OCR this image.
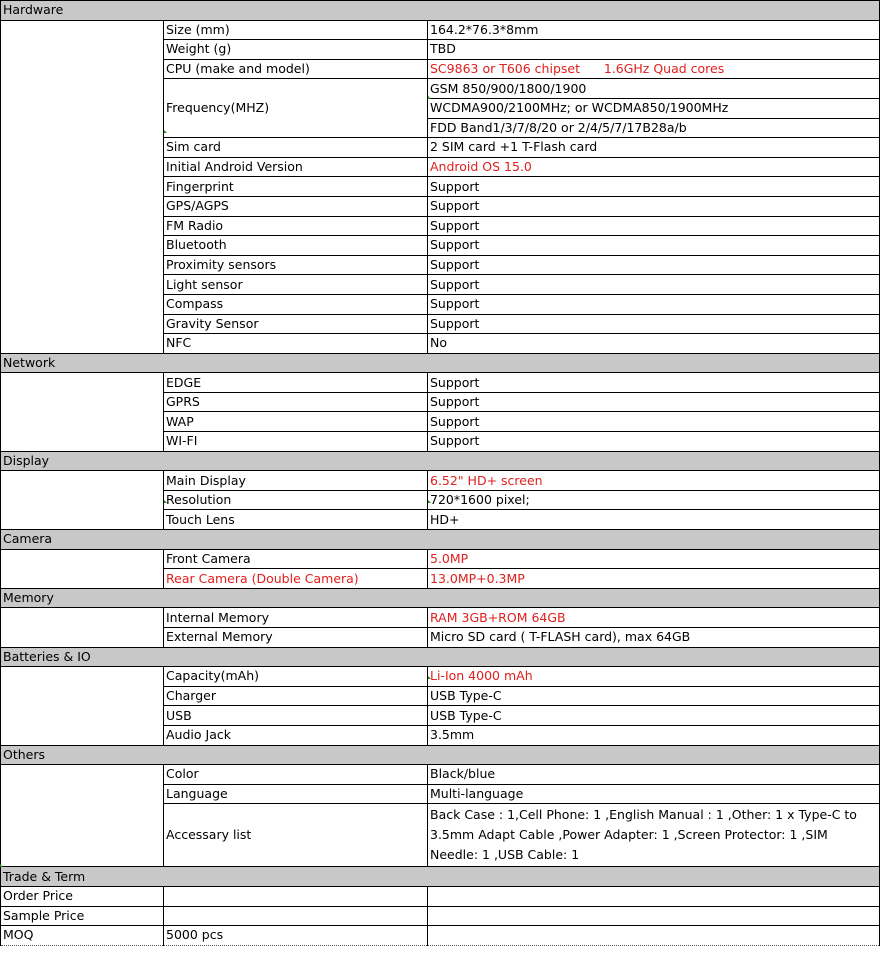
Hardware		
	Size (mm)	164.2*76.3*8mm
	Weight (g)	TBD
	CPU (make and model)	SC9863 or T606 chipset      1.6GHz Quad cores
	Frequency(MHZ)	GSM 850/900/1800/1900
		WCDMA900/2100MHz; or WCDMA850/1900MHz
		FDD Band1/3/7/8/20 or 2/4/5/7/17B28a/b
	Sim card	2 SIM card +1 T-Flash card
	Initial Android Version	Android OS 15.0
	Fingerprint	Support
	GPS/AGPS	Support
	FM Radio	Support
	Bluetooth	Support
	Proximity sensors	Support
	Light sensor	Support
	Compass	Support
	Gravity Sensor	Support
	NFC	No
Network		
	EDGE	Support
	GPRS	Support
	WAP	Support
	WI-FI	Support
Display		
	Main Display	6.52" HD+ screen
	Resolution	720*1600 pixel;
	Touch Lens	HD+
Camera		
	Front Camera	5.0MP
	Rear Camera (Double Camera)	13.0MP+0.3MP
Memory		
	Internal Memory	RAM 3GB+ROM 64GB
	External Memory	Micro SD card ( T-FLASH card), max 64GB
Batteries & IO		
	Capacity(mAh)	Li-Ion 4000 mAh
	Charger	USB Type-C
	USB	USB Type-C
	Audio Jack	3.5mm
Others		
	Color	Black/blue
	Language	Multi-language
	Accessary list	Back Case : 1,Cell Phone: 1 ,English Manual : 1 ,Other: 1 x Type-C to 3.5mm Adapt Cable ,Power Adapter: 1 ,Screen Protector: 1 ,SIM Needle: 1 ,USB Cable: 1
Trade & Term		
Order Price		
Sample Price		
MOQ	5000 pcs	
